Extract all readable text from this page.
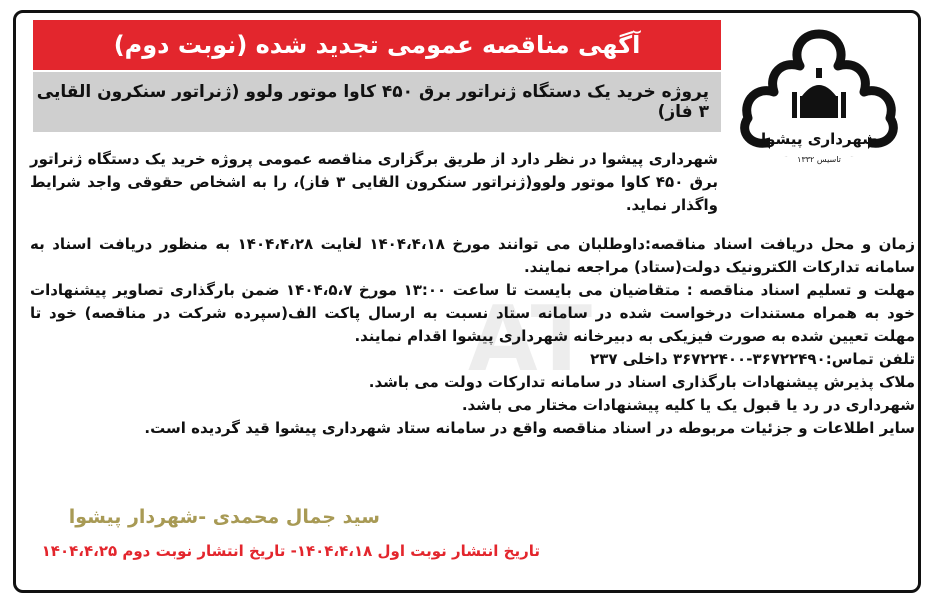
آگهی مناقصه عمومی تجدید شده (نوبت دوم)
پروژه خرید یک دستگاه ژنراتور برق ۴۵۰ کاوا موتور ولوو (ژنراتور سنکرون القایی ۳ فاز)
شهرداری پیشوا
تاسیس ۱۳۳۲
AT

شهرداری پیشوا در نظر دارد از طریق برگزاری مناقصه عمومی پروژه خرید یک دستگاه ژنراتور برق ۴۵۰ کاوا موتور ولوو(ژنراتور سنکرون القایی ۳ فاز)، را به اشخاص حقوقی واجد شرایط واگذار نماید.

زمان و محل دریافت اسناد مناقصه:داوطلبان می توانند مورخ ۱۴۰۴،۴،۱۸ لغایت ۱۴۰۴،۴،۲۸ به منظور دریافت اسناد به سامانه تدارکات الکترونیک دولت(ستاد) مراجعه نمایند.

مهلت و تسلیم اسناد مناقصه : متقاضیان می بایست تا ساعت ۱۳:۰۰ مورخ ۱۴۰۴،۵،۷ ضمن بارگذاری تصاویر پیشنهادات خود به همراه مستندات درخواست شده در سامانه ستاد نسبت به ارسال پاکت الف(سپرده شرکت در مناقصه) خود تا مهلت تعیین شده به صورت فیزیکی به دبیرخانه شهرداری پیشوا اقدام نمایند.

تلفن تماس:۳۶۷۲۲۴۹۰-۳۶۷۲۲۴۰۰ داخلی ۲۳۷

ملاک پذیرش پیشنهادات بارگذاری اسناد در سامانه تدارکات دولت می باشد.

شهرداری در رد یا قبول یک یا کلیه پیشنهادات مختار می باشد.

سایر اطلاعات و جزئیات مربوطه در اسناد مناقصه واقع در سامانه ستاد شهرداری پیشوا قید گردیده است.

سید جمال محمدی -شهردار پیشوا
تاریخ انتشار نوبت اول ۱۴۰۴،۴،۱۸- تاریخ انتشار نوبت دوم ۱۴۰۴،۴،۲۵
